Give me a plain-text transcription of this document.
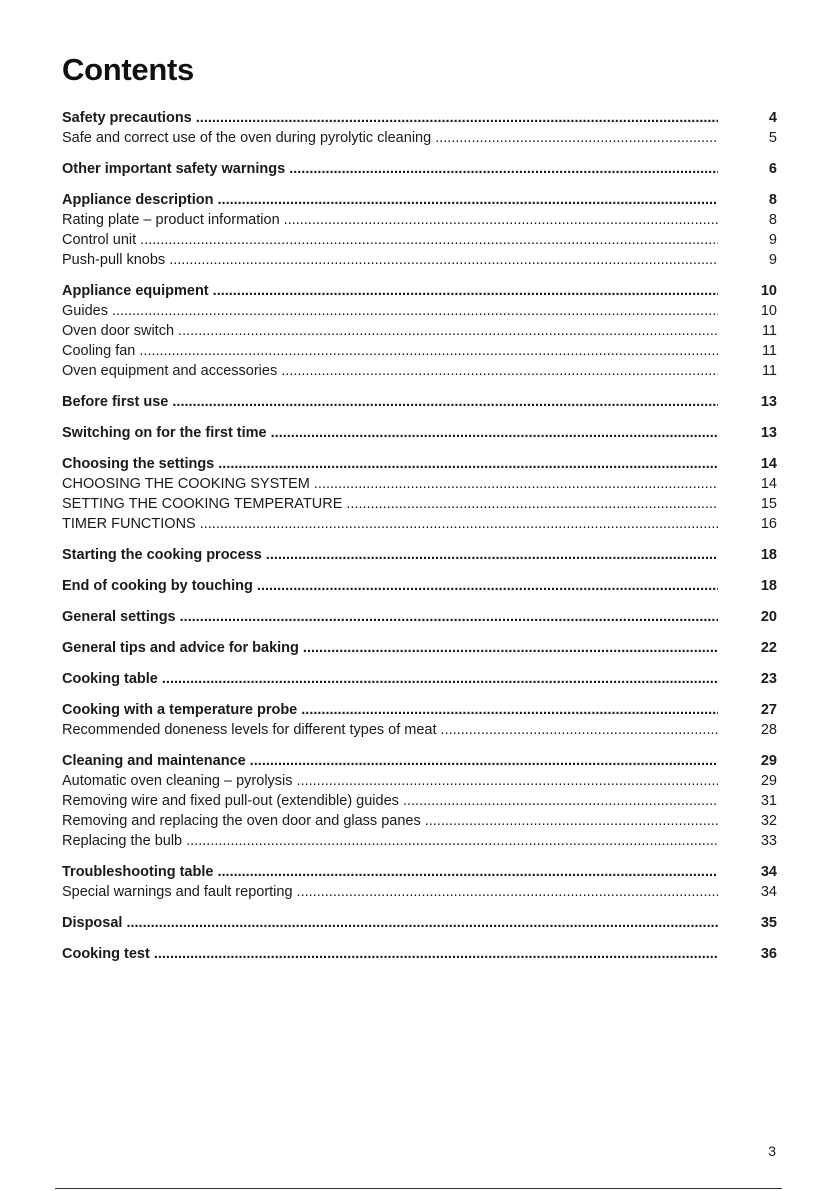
Contents
Safety precautions .....	4
Safe and correct use of the oven during pyrolytic cleaning .....	5
Other important safety warnings .....	6
Appliance description .....	8
Rating plate – product information .....	8
Control unit .....	9
Push-pull knobs .....	9
Appliance equipment .....	10
Guides .....	10
Oven door switch .....	11
Cooling fan .....	11
Oven equipment and accessories .....	11
Before first use .....	13
Switching on for the first time .....	13
Choosing the settings .....	14
CHOOSING THE COOKING SYSTEM .....	14
SETTING THE COOKING TEMPERATURE .....	15
TIMER FUNCTIONS .....	16
Starting the cooking process .....	18
End of cooking by touching .....	18
General settings .....	20
General tips and advice for baking .....	22
Cooking table .....	23
Cooking with a temperature probe .....	27
Recommended doneness levels for different types of meat .....	28
Cleaning and maintenance .....	29
Automatic oven cleaning – pyrolysis .....	29
Removing wire and fixed pull-out (extendible) guides .....	31
Removing and replacing the oven door and glass panes .....	32
Replacing the bulb .....	33
Troubleshooting table .....	34
Special warnings and fault reporting .....	34
Disposal .....	35
Cooking test .....	36
3
